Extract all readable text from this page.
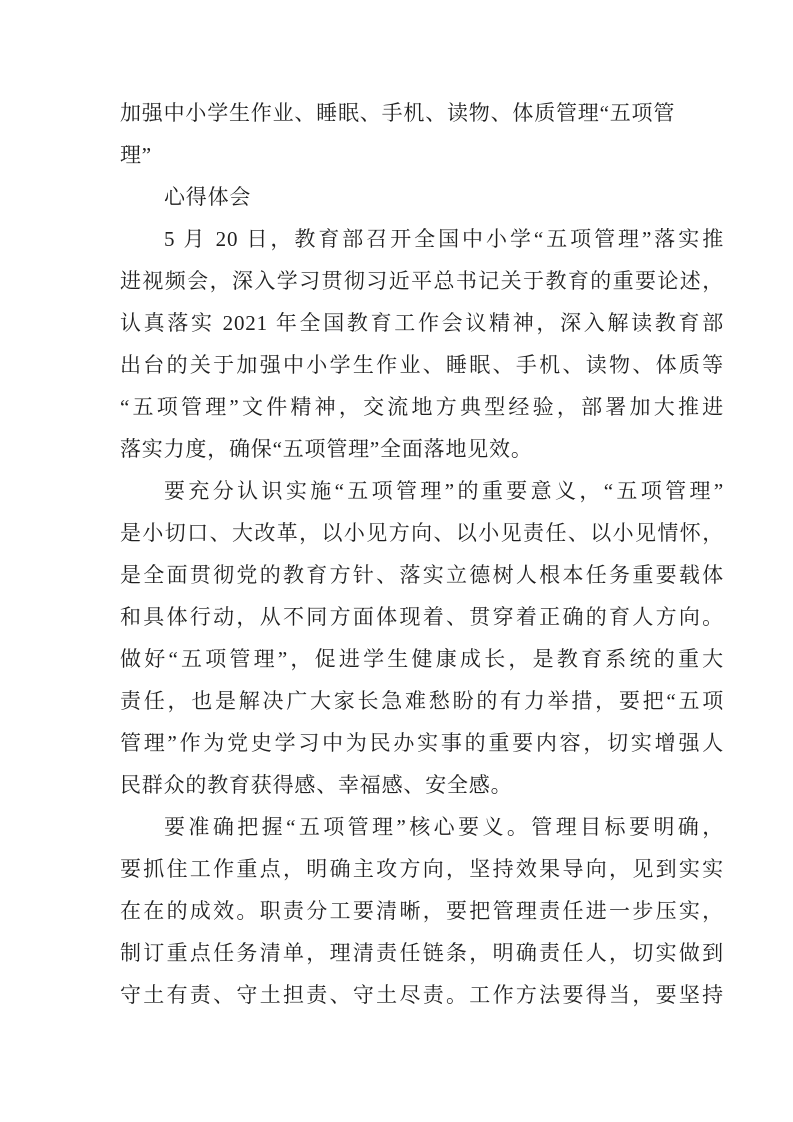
加强中小学生作业、睡眠、手机、读物、体质管理“五项管
理”
心得体会
5 月 20 日，教育部召开全国中小学“五项管理”落实推
进视频会，深入学习贯彻习近平总书记关于教育的重要论述，
认真落实 2021 年全国教育工作会议精神，深入解读教育部
出台的关于加强中小学生作业、睡眠、手机、读物、体质等
“五项管理”文件精神，交流地方典型经验，部署加大推进
落实力度，确保“五项管理”全面落地见效。
要充分认识实施“五项管理”的重要意义，“五项管理”
是小切口、大改革，以小见方向、以小见责任、以小见情怀，
是全面贯彻党的教育方针、落实立德树人根本任务重要载体
和具体行动，从不同方面体现着、贯穿着正确的育人方向。
做好“五项管理”，促进学生健康成长，是教育系统的重大
责任，也是解决广大家长急难愁盼的有力举措，要把“五项
管理”作为党史学习中为民办实事的重要内容，切实增强人
民群众的教育获得感、幸福感、安全感。
要准确把握“五项管理”核心要义。管理目标要明确，
要抓住工作重点，明确主攻方向，坚持效果导向，见到实实
在在的成效。职责分工要清晰，要把管理责任进一步压实，
制订重点任务清单，理清责任链条，明确责任人，切实做到
守土有责、守土担责、守土尽责。工作方法要得当，要坚持
